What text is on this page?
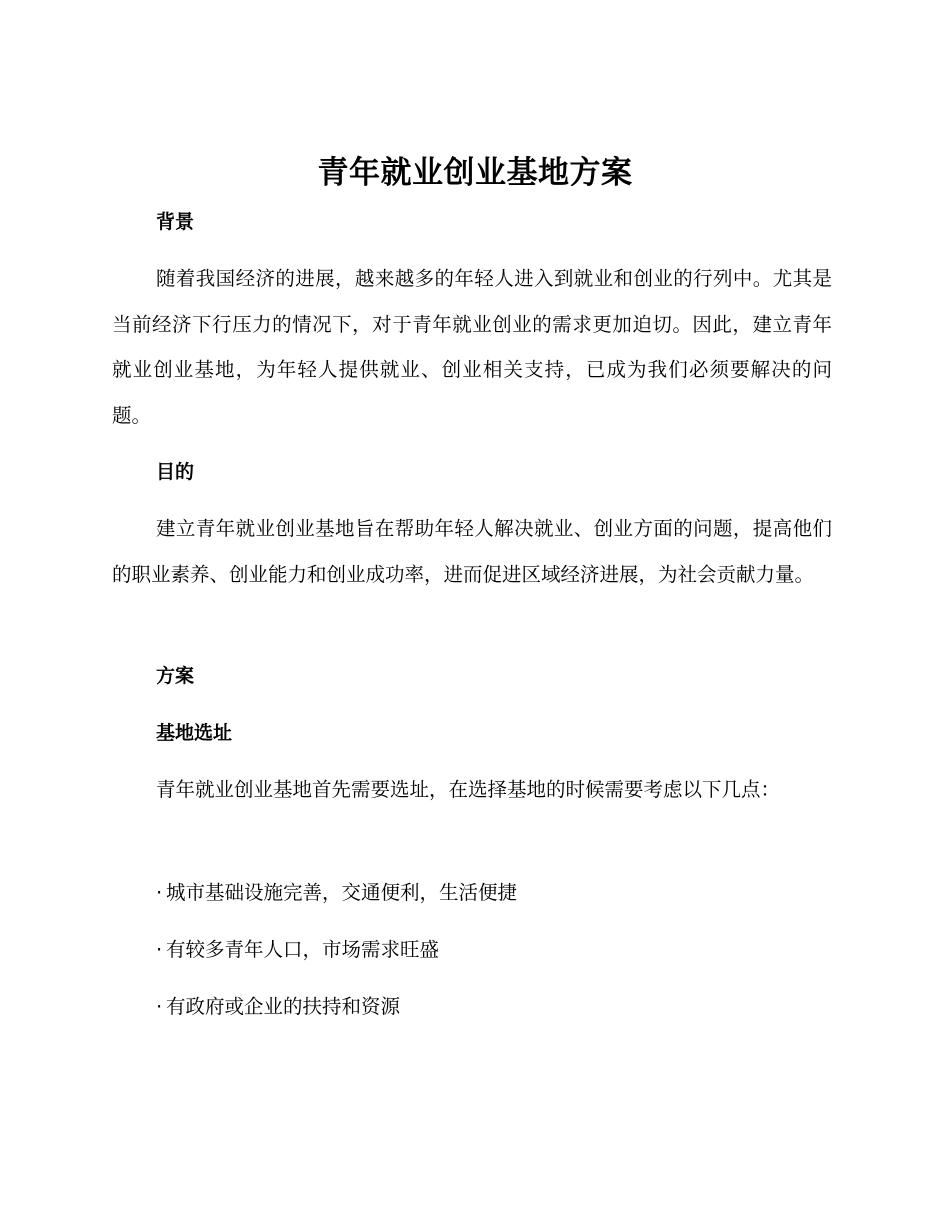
青年就业创业基地方案
背景

随着我国经济的进展，越来越多的年轻人进入到就业和创业的行列中。尤其是当前经济下行压力的情况下，对于青年就业创业的需求更加迫切。因此，建立青年就业创业基地，为年轻人提供就业、创业相关支持，已成为我们必须要解决的问题。

目的

建立青年就业创业基地旨在帮助年轻人解决就业、创业方面的问题，提高他们的职业素养、创业能力和创业成功率，进而促进区域经济进展，为社会贡献力量。

方案
基地选址

青年就业创业基地首先需要选址，在选择基地的时候需要考虑以下几点：

· 城市基础设施完善，交通便利，生活便捷

· 有较多青年人口，市场需求旺盛

· 有政府或企业的扶持和资源
